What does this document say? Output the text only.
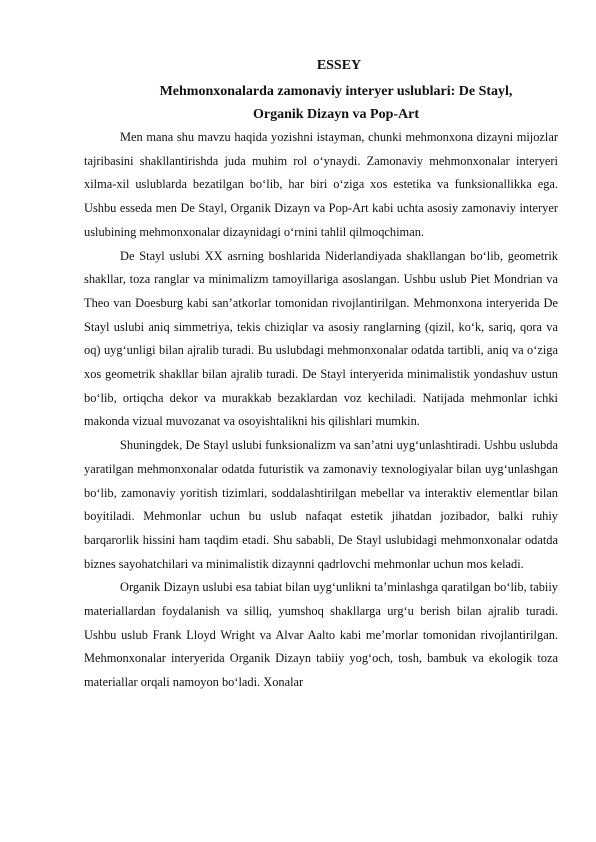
ESSEY

Mehmonxonalarda zamonaviy interyer uslublari: De Stayl,
Organik Dizayn va Pop-Art

Men mana shu mavzu haqida yozishni istayman, chunki mehmonxona dizayni mijozlar tajribasini shakllantirishda juda muhim rol oʻynaydi. Zamonaviy mehmonxonalar interyeri xilma-xil uslublarda bezatilgan boʻlib, har biri oʻziga xos estetika va funksionallikka ega. Ushbu esseda men De Stayl, Organik Dizayn va Pop-Art kabi uchta asosiy zamonaviy interyer uslubining mehmonxonalar dizaynidagi oʻrnini tahlil qilmoqchiman.

De Stayl uslubi XX asrning boshlarida Niderlandiyada shakllangan boʻlib, geometrik shakllar, toza ranglar va minimalizm tamoyillariga asoslangan. Ushbu uslub Piet Mondrian va Theo van Doesburg kabi san’atkorlar tomonidan rivojlantirilgan. Mehmonxona interyerida De Stayl uslubi aniq simmetriya, tekis chiziqlar va asosiy ranglarning (qizil, koʻk, sariq, qora va oq) uygʻunligi bilan ajralib turadi. Bu uslubdagi mehmonxonalar odatda tartibli, aniq va oʻziga xos geometrik shakllar bilan ajralib turadi. De Stayl interyerida minimalistik yondashuv ustun boʻlib, ortiqcha dekor va murakkab bezaklardan voz kechiladi. Natijada mehmonlar ichki makonda vizual muvozanat va osoyishtalikni his qilishlari mumkin.

Shuningdek, De Stayl uslubi funksionalizm va san’atni uygʻunlashtiradi. Ushbu uslubda yaratilgan mehmonxonalar odatda futuristik va zamonaviy texnologiyalar bilan uygʻunlashgan boʻlib, zamonaviy yoritish tizimlari, soddalashtirilgan mebellar va interaktiv elementlar bilan boyitiladi. Mehmonlar uchun bu uslub nafaqat estetik jihatdan jozibador, balki ruhiy barqarorlik hissini ham taqdim etadi. Shu sababli, De Stayl uslubidagi mehmonxonalar odatda biznes sayohatchilari va minimalistik dizaynni qadrlovchi mehmonlar uchun mos keladi.

Organik Dizayn uslubi esa tabiat bilan uygʻunlikni ta’minlashga qaratilgan boʻlib, tabiiy materiallardan foydalanish va silliq, yumshoq shakllarga urgʻu berish bilan ajralib turadi. Ushbu uslub Frank Lloyd Wright va Alvar Aalto kabi me’morlar tomonidan rivojlantirilgan. Mehmonxonalar interyerida Organik Dizayn tabiiy yogʻoch, tosh, bambuk va ekologik toza materiallar orqali namoyon boʻladi. Xonalar
